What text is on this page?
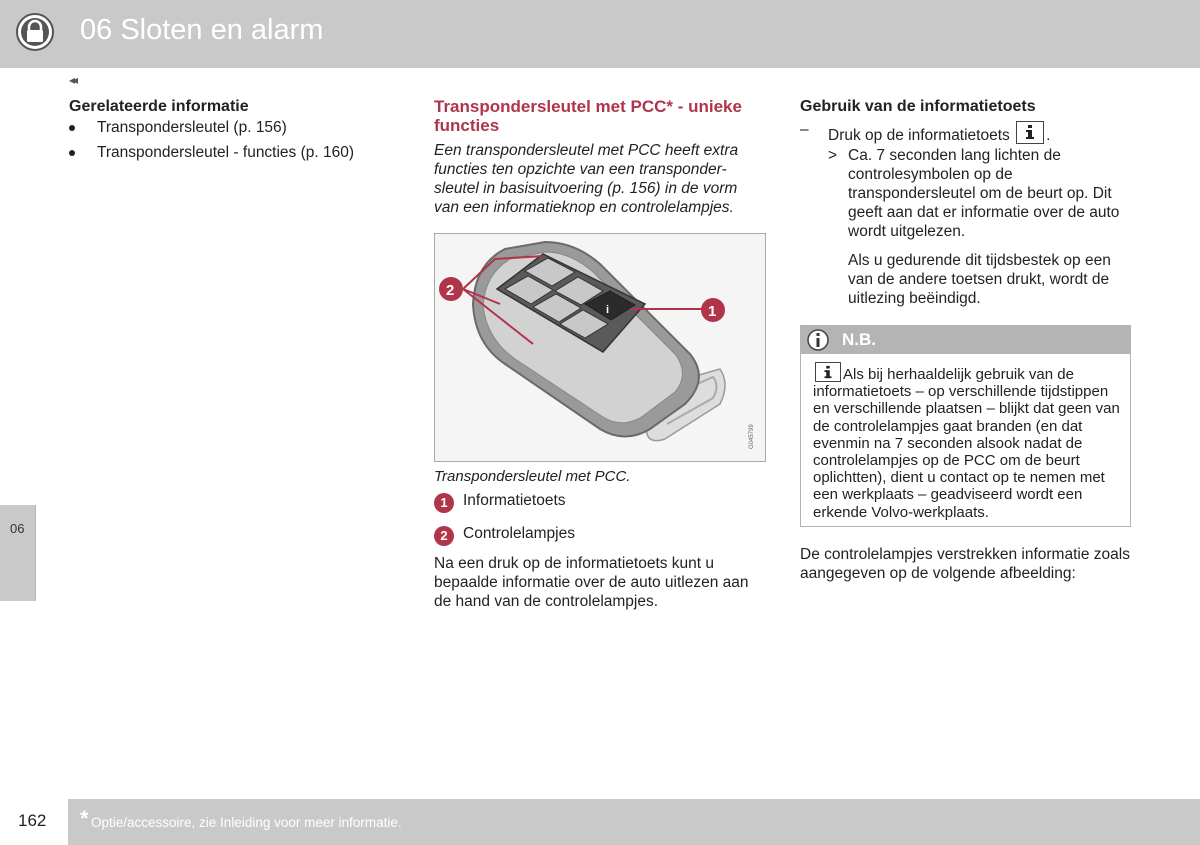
06 Sloten en alarm
06
◂◂
Gerelateerde informatie
Transpondersleutel (p. 156)
Transpondersleutel - functies (p. 160)
Transpondersleutel met PCC* - unieke functies
Een transpondersleutel met PCC heeft extra functies ten opzichte van een transponder-sleutel in basisuitvoering (p. 156) in de vorm van een informatieknop en controlelampjes.
i
2
1
G045799
Transpondersleutel met PCC.
1 Informatietoets
2 Controlelampjes
Na een druk op de informatietoets kunt u bepaalde informatie over de auto uitlezen aan de hand van de controlelampjes.
Gebruik van de informatietoets
–	Druk op de informatietoets .
> Ca. 7 seconden lang lichten de controlesymbolen op de transpondersleutel om de beurt op. Dit geeft aan dat er informatie over de auto wordt uitgelezen.
Als u gedurende dit tijdsbestek op een van de andere toetsen drukt, wordt de uitlezing beëindigd.
N.B.
Als bij herhaaldelijk gebruik van de informatietoets – op verschillende tijdstippen en verschillende plaatsen – blijkt dat geen van de controlelampjes gaat branden (en dat evenmin na 7 seconden alsook nadat de controlelampjes op de PCC om de beurt oplichtten), dient u contact op te nemen met een werkplaats – geadviseerd wordt een erkende Volvo-werkplaats.
De controlelampjes verstrekken informatie zoals aangegeven op de volgende afbeelding:
162 * Optie/accessoire, zie Inleiding voor meer informatie.
